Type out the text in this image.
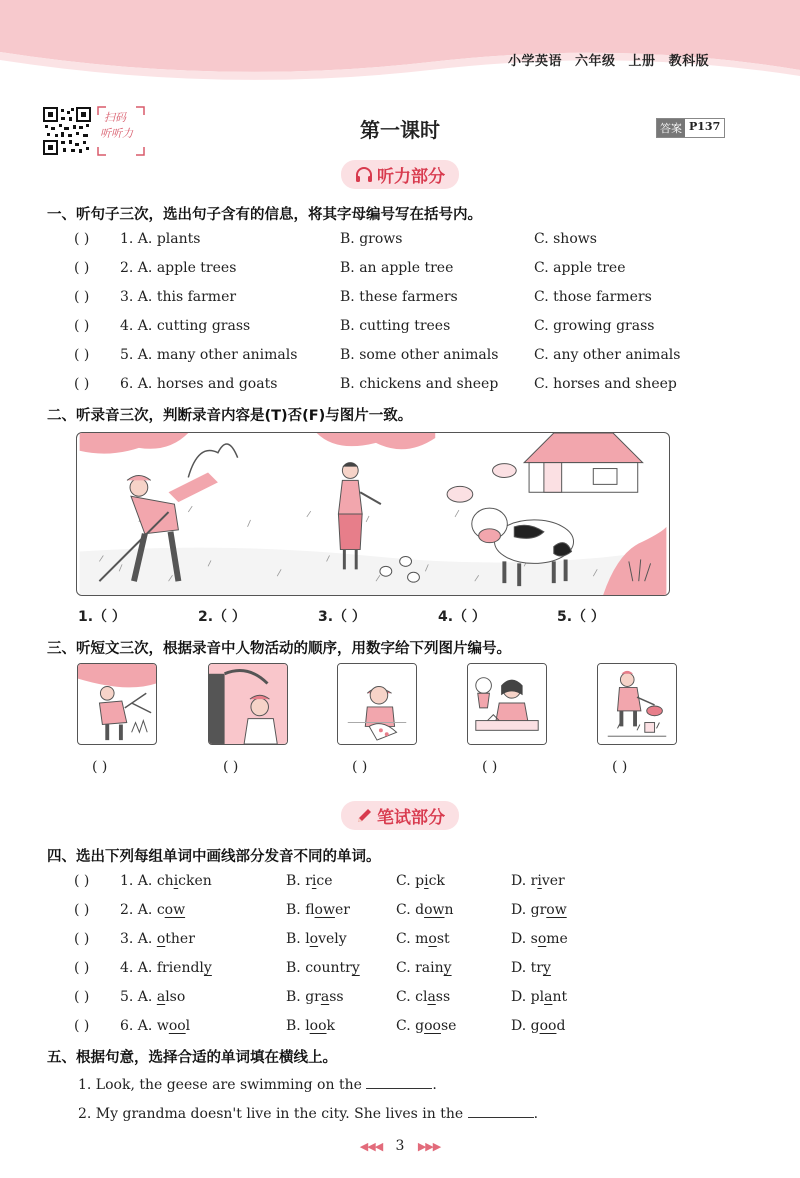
小学英语 六年级 上册 教科版
扫码
听听力	第一课时	答案 P137
听力部分
一、听句子三次，选出句子含有的信息，将其字母编号写在括号内。
( ) 1. A. plants	B. grows	C. shows
( ) 2. A. apple trees	B. an apple tree	C. apple tree
( ) 3. A. this farmer	B. these farmers	C. those farmers
( ) 4. A. cutting grass	B. cutting trees	C. growing grass
( ) 5. A. many other animals	B. some other animals	C. any other animals
( ) 6. A. horses and goats	B. chickens and sheep	C. horses and sheep
二、听录音三次，判断录音内容是(T)否(F)与图片一致。
1.（ ）	2.（ ）	3.（ ）	4.（ ）	5.（ ）
三、听短文三次，根据录音中人物活动的顺序，用数字给下列图片编号。
( )	( )	( )	( )	( )
笔试部分
四、选出下列每组单词中画线部分发音不同的单词。
( ) 1. A. chicken	B. rice	C. pick	D. river
( ) 2. A. cow	B. flower	C. down	D. grow
( ) 3. A. other	B. lovely	C. most	D. some
( ) 4. A. friendly	B. country	C. rainy	D. try
( ) 5. A. also	B. grass	C. class	D. plant
( ) 6. A. wool	B. look	C. goose	D. good
五、根据句意，选择合适的单词填在横线上。
1. Look, the geese are swimming on the	.
2. My grandma doesn't live in the city. She lives in the	.
◀◀◀ 3 ▶▶▶
